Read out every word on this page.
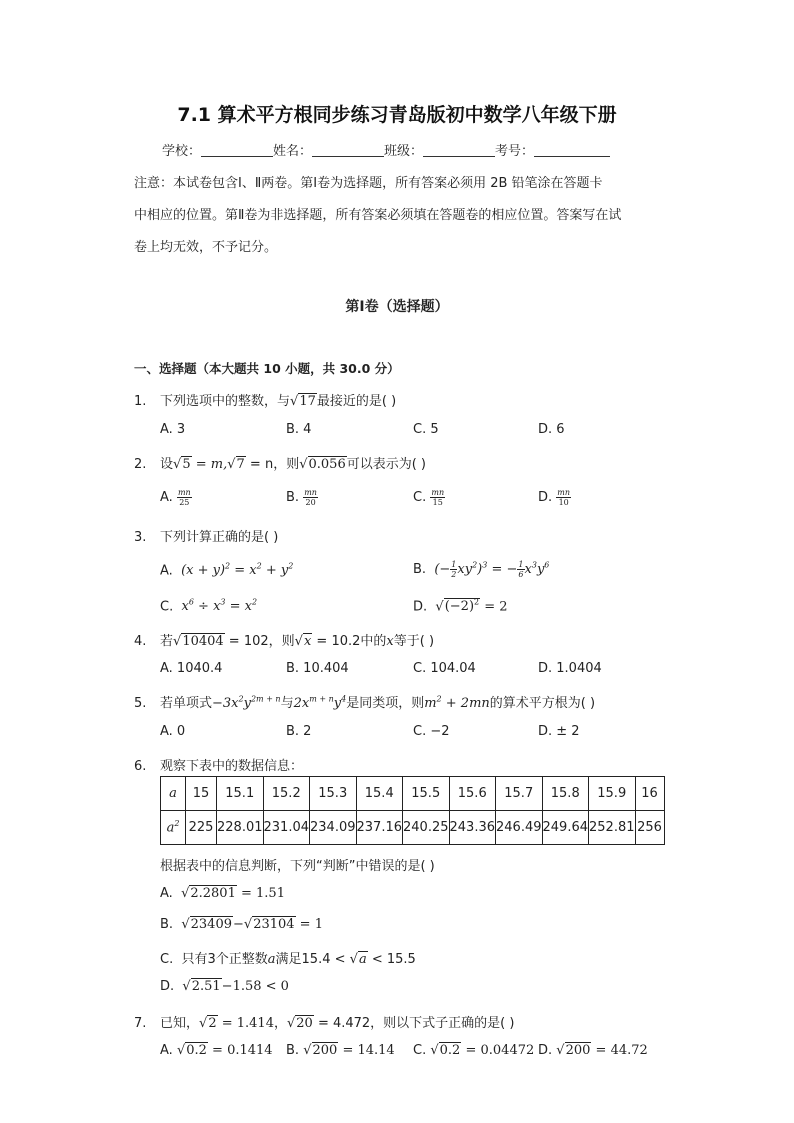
7.1 算术平方根同步练习青岛版初中数学八年级下册
学校：	姓名：	班级：	考号：
注意：本试卷包含Ⅰ、Ⅱ两卷。第Ⅰ卷为选择题，所有答案必须用 2B 铅笔涂在答题卡
中相应的位置。第Ⅱ卷为非选择题，所有答案必须填在答题卷的相应位置。答案写在试
卷上均无效，不予记分。
第Ⅰ卷（选择题）
一、选择题（本大题共 10 小题，共 30.0 分）
1. 下列选项中的整数，与√17最接近的是( )
A. 3	B. 4	C. 5	D. 6
2. 设√5 = m,√7 = n，则√0.056可以表示为( )
A. $\frac{mn}{25}$	B. $\frac{mn}{20}$	C. $\frac{mn}{15}$	D. $\frac{mn}{10}$
3. 下列计算正确的是( )
A. $(x + y)^2 = x^2 + y^2$	B. (− $\frac{1}{2} xy^2)^3$ = − $\frac{1}{6} x^3y^6$
C. $x^6 \div x^3 = x^2$	D. $√(-2)^2 = 2$
4. 若√10404 = 102，则√x = 10.2中的x等于( )
A. 1040.4	B. 10.404	C. 104.04	D. 1.0404
5. 若单项式$-3x^2y^{2m + n}$与$2x^{m + n}y^4$是同类项，则$m^2 + 2mn$的算术平方根为( )
A. 0	B. 2	C. −2	D. ± 2
6. 观察下表中的数据信息：
a	15	15.1	15.2	15.3	15.4	15.5	15.6	15.7	15.8	15.9	16
$a^2$	225	228.01	231.04	234.09	237.16	240.25	243.36	246.49	249.64	252.81	256
根据表中的信息判断，下列“判断”中错误的是( )
A. √2.2801 = 1.51
B. √23409−√23104 = 1
C. 只有3个正整数a满足15.4 < √a < 15.5
D. √2.51−1.58 < 0
7. 已知，√2 = 1.414，√20 = 4.472，则以下式子正确的是( )
A. √0.2 = 0.1414 B. √200 = 14.14 C. √0.2 = 0.04472 D. √200 = 44.72
